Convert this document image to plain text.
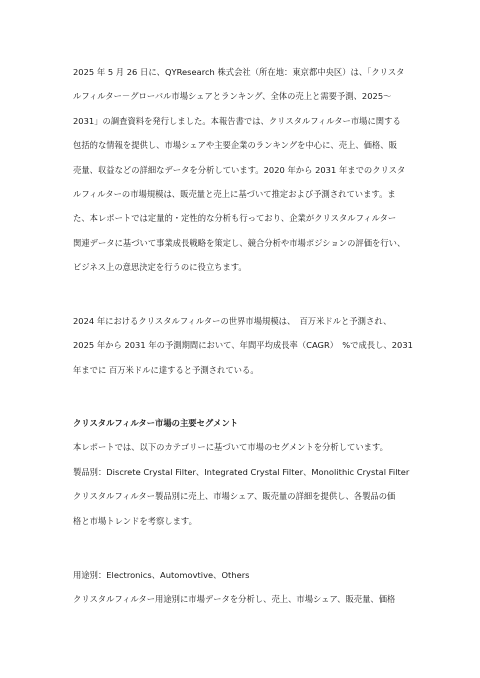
2025 年 5 月 26 日に、QYResearch 株式会社（所在地：東京都中央区）は、「クリスタ
ルフィルター－グローバル市場シェアとランキング、全体の売上と需要予測、2025～
2031」の調査資料を発行しました。本報告書では、クリスタルフィルター市場に関する
包括的な情報を提供し、市場シェアや主要企業のランキングを中心に、売上、価格、販
売量、収益などの詳細なデータを分析しています。2020 年から 2031 年までのクリスタ
ルフィルターの市場規模は、販売量と売上に基づいて推定および予測されています。ま
た、本レポートでは定量的・定性的な分析も行っており、企業がクリスタルフィルター
関連データに基づいて事業成長戦略を策定し、競合分析や市場ポジションの評価を行い、
ビジネス上の意思決定を行うのに役立ちます。
2024 年におけるクリスタルフィルターの世界市場規模は、　百万米ドルと予測され、
2025 年から 2031 年の予測期間において、年間平均成長率（CAGR）　%で成長し、2031
年までに 百万米ドルに達すると予測されている。
クリスタルフィルター市場の主要セグメント
本レポートでは、以下のカテゴリーに基づいて市場のセグメントを分析しています。
製品別：Discrete Crystal Filter、Integrated Crystal Filter、Monolithic Crystal Filter
クリスタルフィルター製品別に売上、市場シェア、販売量の詳細を提供し、各製品の価
格と市場トレンドを考察します。
用途別：Electronics、Automovtive、Others
クリスタルフィルター用途別に市場データを分析し、売上、市場シェア、販売量、価格
